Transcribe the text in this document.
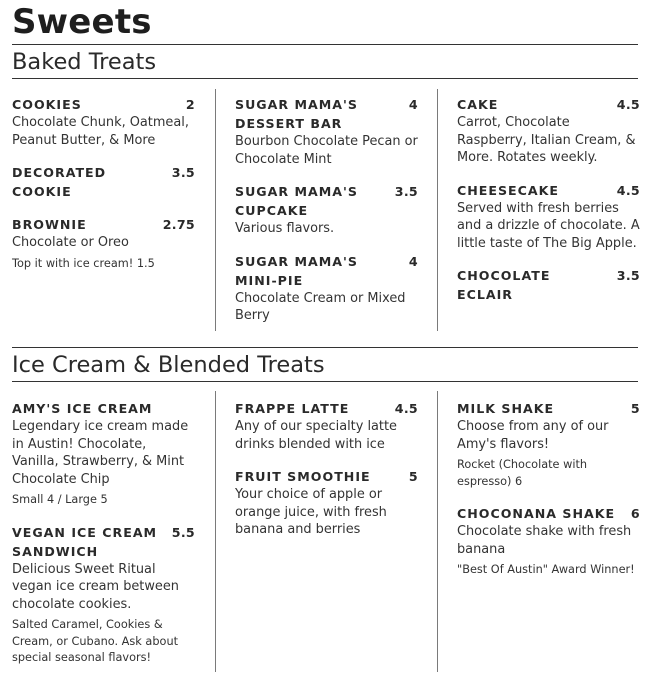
Sweets
Baked Treats
COOKIES	2
Chocolate Chunk, Oatmeal, Peanut Butter, & More
DECORATED COOKIE
3.5
BROWNIE	2.75
Chocolate or Oreo
Top it with ice cream! 1.5
SUGAR MAMA'S DESSERT BAR
4
Bourbon Chocolate Pecan or Chocolate Mint
SUGAR MAMA'S CUPCAKE
3.5
Various flavors.
SUGAR MAMA'S MINI-PIE
4
Chocolate Cream or Mixed Berry
CAKE	4.5
Carrot, Chocolate Raspberry, Italian Cream, & More. Rotates weekly.
CHEESECAKE	4.5
Served with fresh berries and a drizzle of chocolate. A little taste of The Big Apple.
CHOCOLATE ECLAIR
3.5
Ice Cream & Blended Treats
AMY'S ICE CREAM
Legendary ice cream made in Austin! Chocolate, Vanilla, Strawberry, & Mint Chocolate Chip
Small 4 / Large 5
VEGAN ICE CREAM SANDWICH
5.5
Delicious Sweet Ritual vegan ice cream between chocolate cookies.
Salted Caramel, Cookies & Cream, or Cubano. Ask about special seasonal flavors!
FRAPPE LATTE	4.5
Any of our specialty latte drinks blended with ice
FRUIT SMOOTHIE	5
Your choice of apple or orange juice, with fresh banana and berries
MILK SHAKE	5
Choose from any of our Amy's flavors!
Rocket (Chocolate with espresso) 6
CHOCONANA SHAKE	6
Chocolate shake with fresh banana
"Best Of Austin" Award Winner!
